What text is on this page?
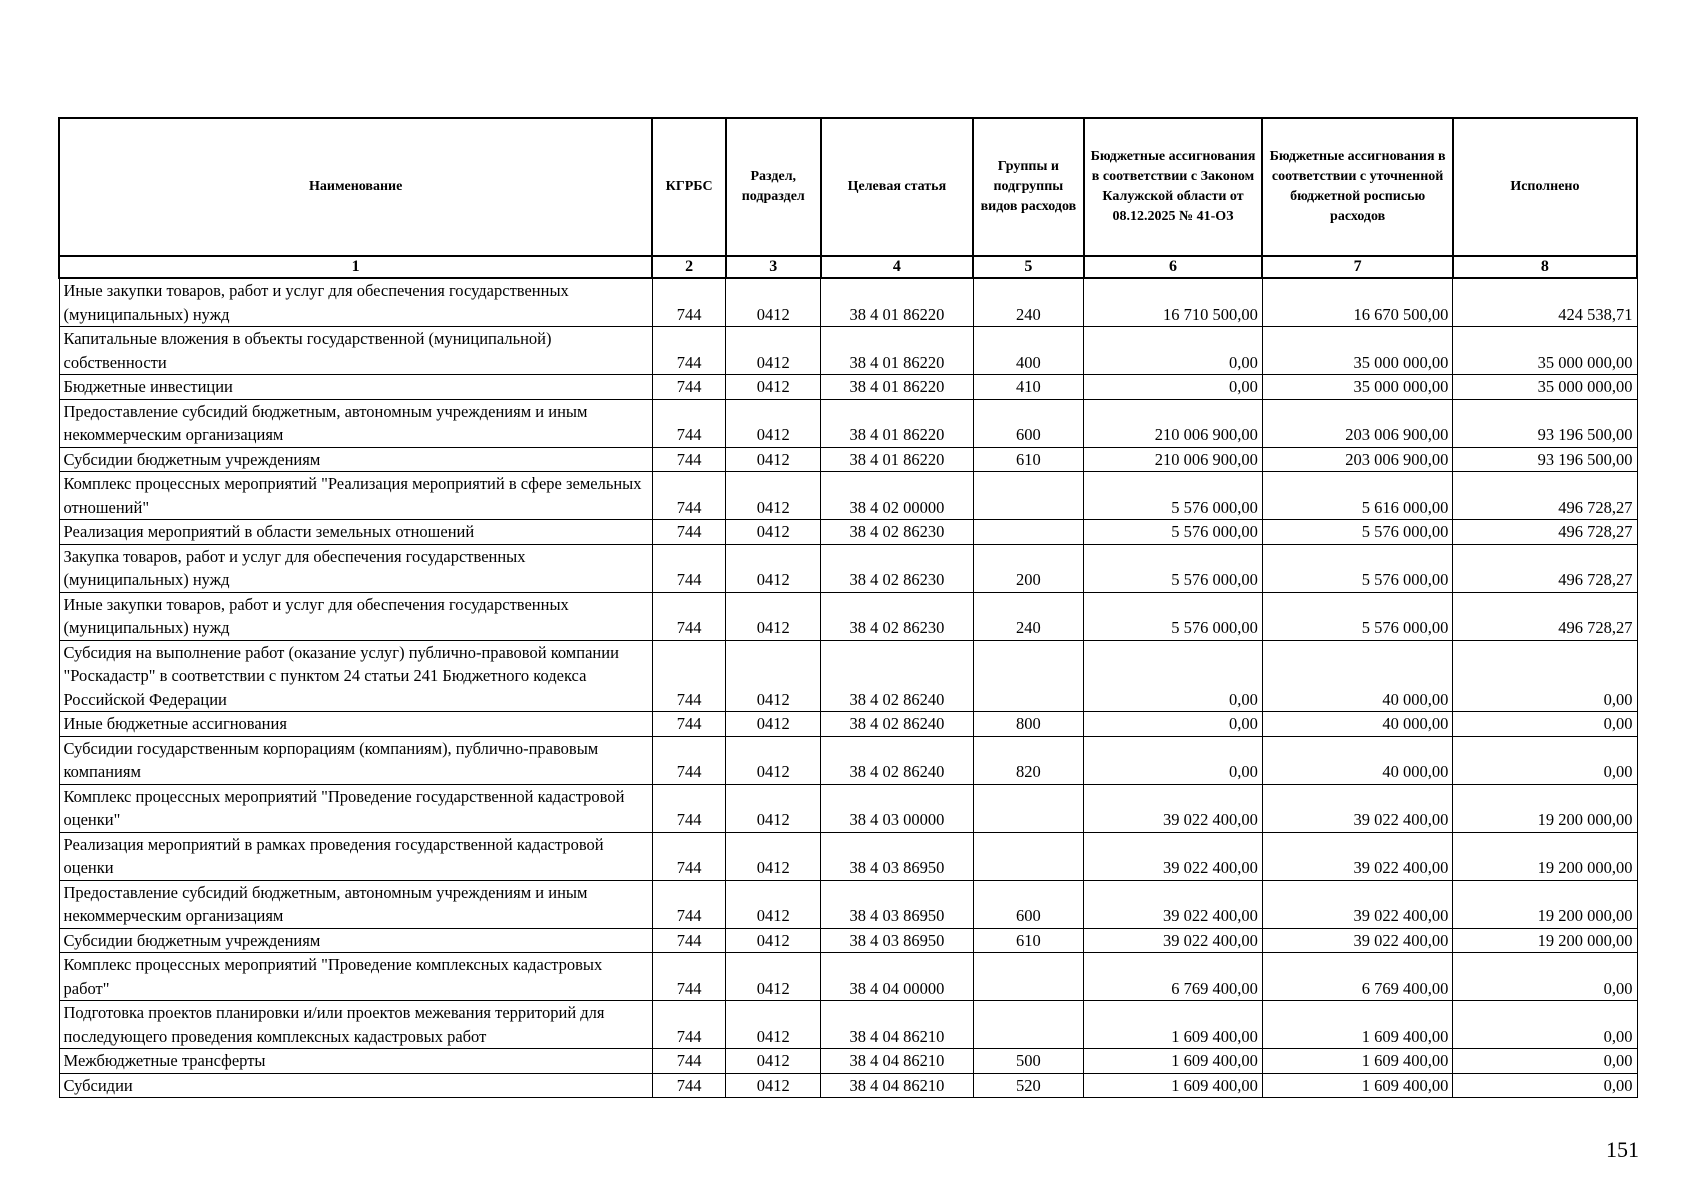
Наименование	КГРБС	Раздел, подраздел	Целевая статья	Группы и подгруппы видов расходов	Бюджетные ассигнования в соответствии с Законом Калужской области от 08.12.2025 № 41-ОЗ	Бюджетные ассигнования в соответствии с уточненной бюджетной росписью расходов	Исполнено
1	2	3	4	5	6	7	8
Иные закупки товаров, работ и услуг для обеспечения государственных (муниципальных) нужд	744	0412	38 4 01 86220	240	16 710 500,00	16 670 500,00	424 538,71
Капитальные вложения в объекты государственной (муниципальной) собственности	744	0412	38 4 01 86220	400	0,00	35 000 000,00	35 000 000,00
Бюджетные инвестиции	744	0412	38 4 01 86220	410	0,00	35 000 000,00	35 000 000,00
Предоставление субсидий бюджетным, автономным учреждениям и иным некоммерческим организациям	744	0412	38 4 01 86220	600	210 006 900,00	203 006 900,00	93 196 500,00
Субсидии бюджетным учреждениям	744	0412	38 4 01 86220	610	210 006 900,00	203 006 900,00	93 196 500,00
Комплекс процессных мероприятий "Реализация мероприятий в сфере земельных отношений"	744	0412	38 4 02 00000		5 576 000,00	5 616 000,00	496 728,27
Реализация мероприятий в области земельных отношений	744	0412	38 4 02 86230		5 576 000,00	5 576 000,00	496 728,27
Закупка товаров, работ и услуг для обеспечения государственных (муниципальных) нужд	744	0412	38 4 02 86230	200	5 576 000,00	5 576 000,00	496 728,27
Иные закупки товаров, работ и услуг для обеспечения государственных (муниципальных) нужд	744	0412	38 4 02 86230	240	5 576 000,00	5 576 000,00	496 728,27
Субсидия на выполнение работ (оказание услуг) публично-правовой компании "Роскадастр" в соответствии с пунктом 24 статьи 241 Бюджетного кодекса Российской Федерации	744	0412	38 4 02 86240		0,00	40 000,00	0,00
Иные бюджетные ассигнования	744	0412	38 4 02 86240	800	0,00	40 000,00	0,00
Субсидии государственным корпорациям (компаниям), публично-правовым компаниям	744	0412	38 4 02 86240	820	0,00	40 000,00	0,00
Комплекс процессных мероприятий "Проведение государственной кадастровой оценки"	744	0412	38 4 03 00000		39 022 400,00	39 022 400,00	19 200 000,00
Реализация мероприятий в рамках проведения государственной кадастровой оценки	744	0412	38 4 03 86950		39 022 400,00	39 022 400,00	19 200 000,00
Предоставление субсидий бюджетным, автономным учреждениям и иным некоммерческим организациям	744	0412	38 4 03 86950	600	39 022 400,00	39 022 400,00	19 200 000,00
Субсидии бюджетным учреждениям	744	0412	38 4 03 86950	610	39 022 400,00	39 022 400,00	19 200 000,00
Комплекс процессных мероприятий "Проведение комплексных кадастровых работ"	744	0412	38 4 04 00000		6 769 400,00	6 769 400,00	0,00
Подготовка проектов планировки и/или проектов межевания территорий для последующего проведения комплексных кадастровых работ	744	0412	38 4 04 86210		1 609 400,00	1 609 400,00	0,00
Межбюджетные трансферты	744	0412	38 4 04 86210	500	1 609 400,00	1 609 400,00	0,00
Субсидии	744	0412	38 4 04 86210	520	1 609 400,00	1 609 400,00	0,00
151
